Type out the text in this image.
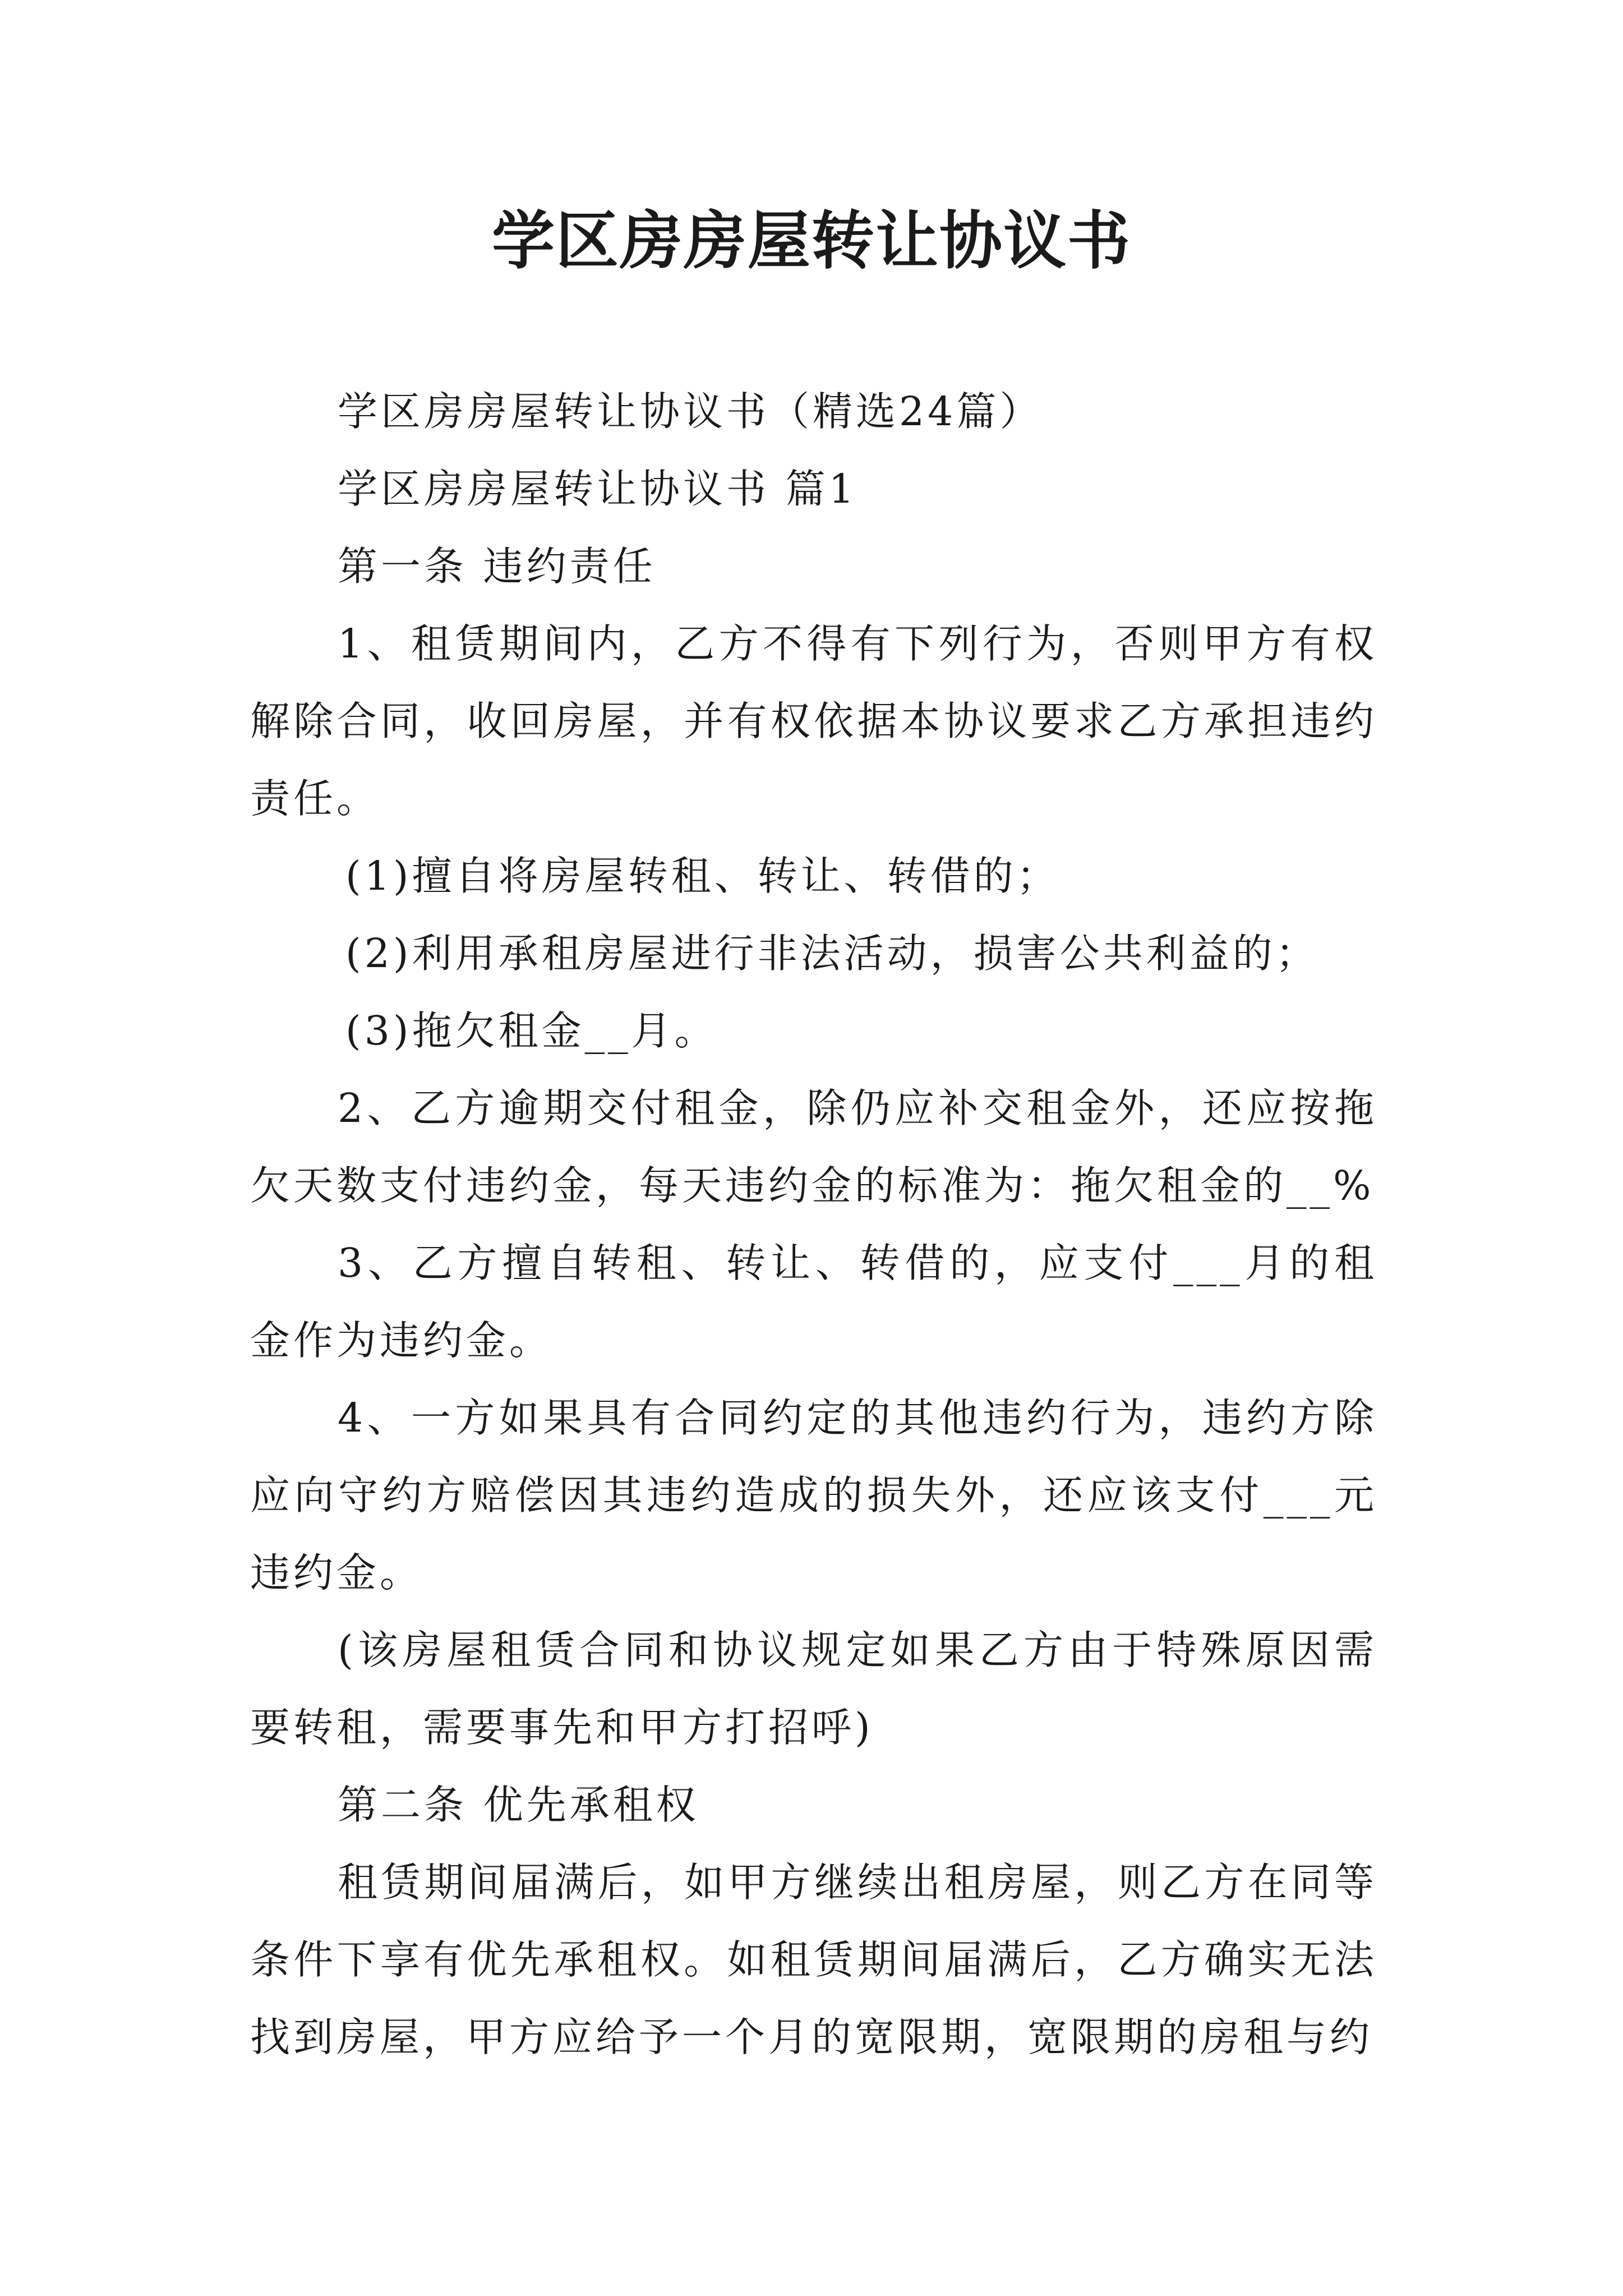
学区房房屋转让协议书

学区房房屋转让协议书（精选24篇）

学区房房屋转让协议书 篇1

第一条 违约责任

1、租赁期间内，乙方不得有下列行为，否则甲方有权解除合同，收回房屋，并有权依据本协议要求乙方承担违约责任。

(1)擅自将房屋转租、转让、转借的；

(2)利用承租房屋进行非法活动，损害公共利益的；

(3)拖欠租金__月。

2、乙方逾期交付租金，除仍应补交租金外，还应按拖欠天数支付违约金，每天违约金的标准为：拖欠租金的__%

3、乙方擅自转租、转让、转借的，应支付___月的租金作为违约金。

4、一方如果具有合同约定的其他违约行为，违约方除应向守约方赔偿因其违约造成的损失外，还应该支付___元违约金。

(该房屋租赁合同和协议规定如果乙方由于特殊原因需要转租，需要事先和甲方打招呼)

第二条 优先承租权

租赁期间届满后，如甲方继续出租房屋，则乙方在同等条件下享有优先承租权。如租赁期间届满后，乙方确实无法找到房屋，甲方应给予一个月的宽限期，宽限期的房租与约
